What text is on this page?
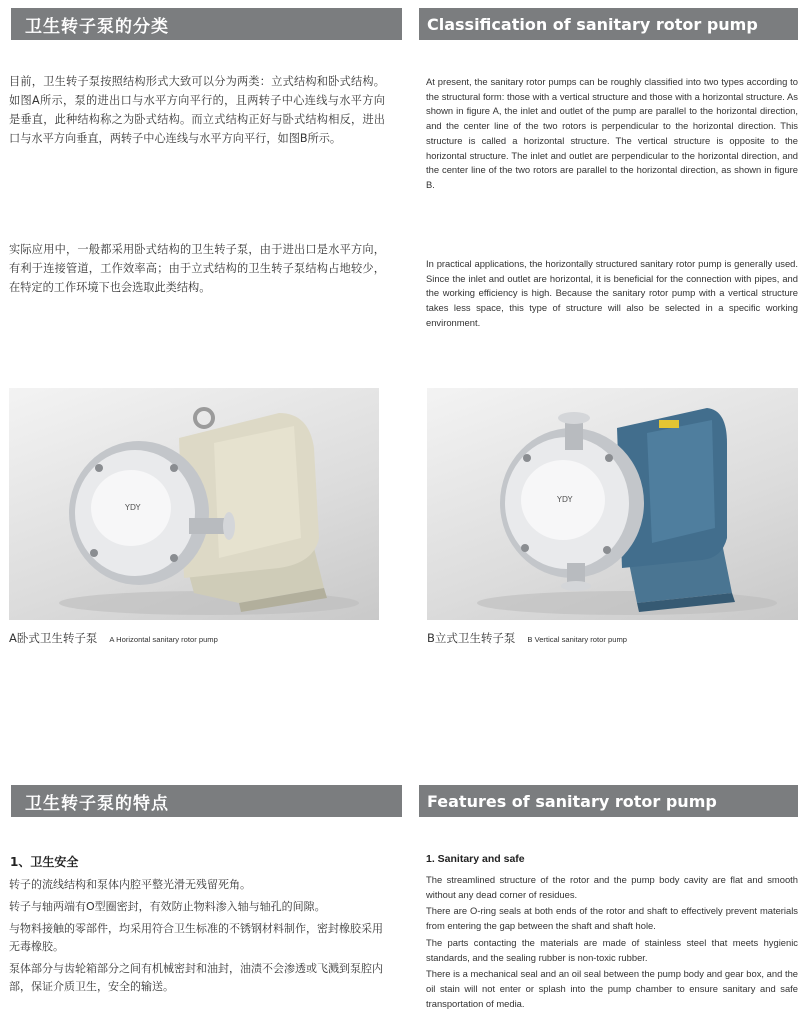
卫生转子泵的分类	Classification of sanitary rotor pump
目前，卫生转子泵按照结构形式大致可以分为两类：立式结构和卧式结构。如图A所示，泵的进出口与水平方向平行的，且两转子中心连线与水平方向是垂直，此种结构称之为卧式结构。而立式结构正好与卧式结构相反，进出口与水平方向垂直，两转子中心连线与水平方向平行，如图B所示。
At present, the sanitary rotor pumps can be roughly classified into two types according to the structural form: those with a vertical structure and those with a horizontal structure. As shown in figure A, the inlet and outlet of the pump are parallel to the horizontal direction, and the center line of the two rotors is perpendicular to the horizontal direction. This structure is called a horizontal structure. The vertical structure is opposite to the horizontal structure. The inlet and outlet are perpendicular to the horizontal direction, and the center line of the two rotors are parallel to the horizontal direction, as shown in figure B.
实际应用中，一般都采用卧式结构的卫生转子泵，由于进出口是水平方向，有利于连接管道，工作效率高；由于立式结构的卫生转子泵结构占地较少，在特定的工作环境下也会选取此类结构。
In practical applications, the horizontally structured sanitary rotor pump is generally used. Since the inlet and outlet are horizontal, it is beneficial for the connection with pipes, and the working efficiency is high. Because the sanitary rotor pump with a vertical structure takes less space, this type of structure will also be selected in a specific working environment.
YDY
A卧式卫生转子泵 A Horizontal sanitary rotor pump
YDY
B立式卫生转子泵 B Vertical sanitary rotor pump
卫生转子泵的特点	Features of sanitary rotor pump
1、卫生安全	1. Sanitary and safe

转子的流线结构和泵体内腔平整光滑无残留死角。

转子与轴两端有O型圈密封，有效防止物料渗入轴与轴孔的间隙。

与物料接触的零部件，均采用符合卫生标准的不锈钢材料制作，密封橡胶采用无毒橡胶。

泵体部分与齿轮箱部分之间有机械密封和油封，油渍不会渗透或飞溅到泵腔内部，保证介质卫生，安全的输送。

The streamlined structure of the rotor and the pump body cavity are flat and smooth without any dead corner of residues.

There are O-ring seals at both ends of the rotor and shaft to effectively prevent materials from entering the gap between the shaft and shaft hole.

The parts contacting the materials are made of stainless steel that meets hygienic standards, and the sealing rubber is non-toxic rubber.

There is a mechanical seal and an oil seal between the pump body and gear box, and the oil stain will not enter or splash into the pump chamber to ensure sanitary and safe transportation of media.
